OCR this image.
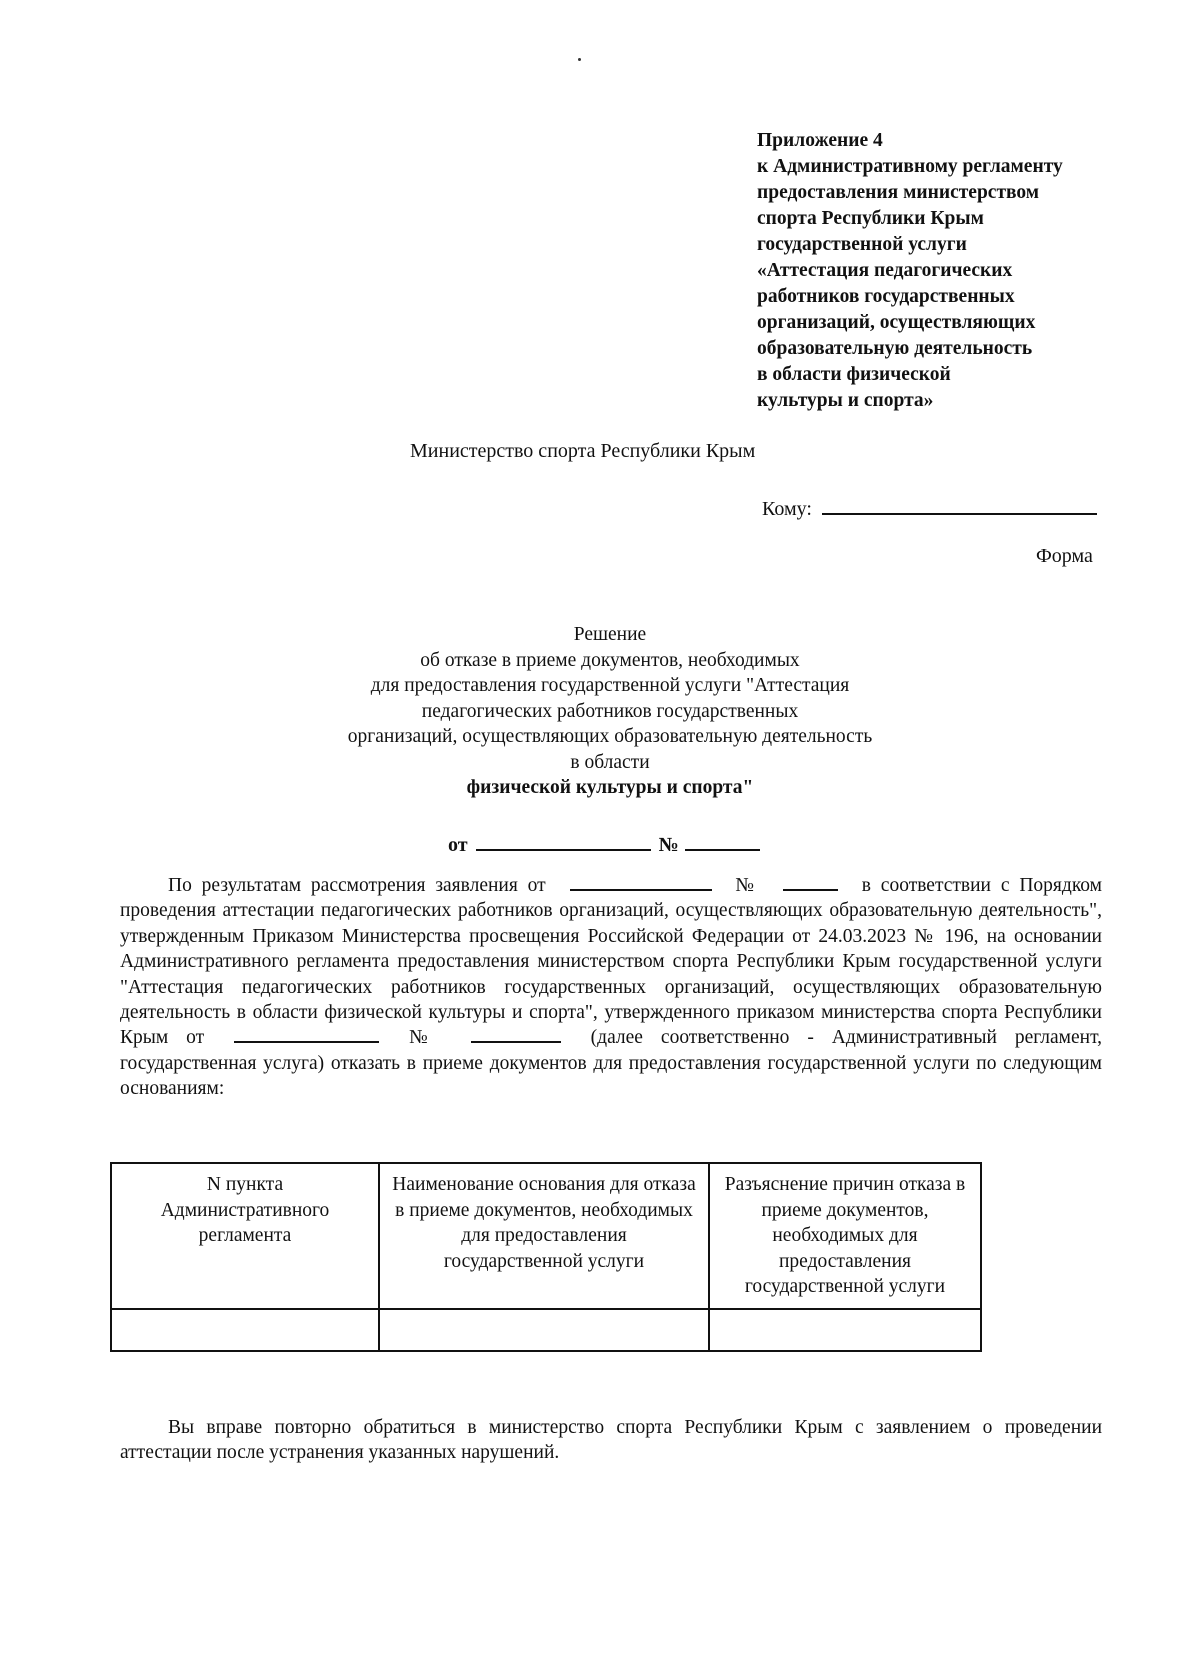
Приложение 4
к Административному регламенту
предоставления министерством
спорта Республики Крым
государственной услуги
«Аттестация педагогических
работников государственных
организаций, осуществляющих
образовательную деятельность
в области физической
культуры и спорта»
Министерство спорта Республики Крым
Кому:
Форма
Решение
об отказе в приеме документов, необходимых
для предоставления государственной услуги "Аттестация
педагогических работников государственных
организаций, осуществляющих образовательную деятельность
в области
физической культуры и спорта"
от	№
По результатам рассмотрения заявления от	№	в соответствии с Порядком проведения аттестации педагогических работников организаций, осуществляющих образовательную деятельность", утвержденным Приказом Министерства просвещения Российской Федерации от 24.03.2023 № 196, на основании Административного регламента предоставления министерством спорта Республики Крым государственной услуги "Аттестация педагогических работников государственных организаций, осуществляющих образовательную деятельность в области физической культуры и спорта", утвержденного приказом министерства спорта Республики Крым от	№	(далее соответственно - Административный регламент, государственная услуга) отказать в приеме документов для предоставления государственной услуги по следующим основаниям:
N пункта Административного регламента	Наименование основания для отказа в приеме документов, необходимых для предоставления государственной услуги	Разъяснение причин отказа в приеме документов, необходимых для предоставления государственной услуги

Вы вправе повторно обратиться в министерство спорта Республики Крым с заявлением о проведении аттестации после устранения указанных нарушений.
